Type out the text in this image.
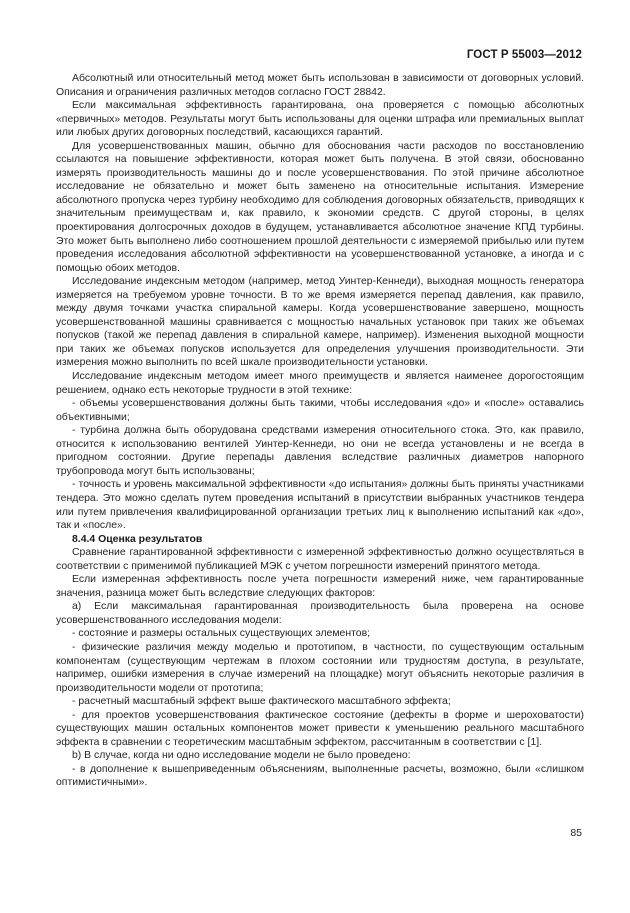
ГОСТ Р 55003—2012

Абсолютный или относительный метод может быть использован в зависимости от договорных условий. Описания и ограничения различных методов согласно ГОСТ 28842.

Если максимальная эффективность гарантирована, она проверяется с помощью абсолютных «первичных» методов. Результаты могут быть использованы для оценки штрафа или премиальных выплат или любых других договорных последствий, касающихся гарантий.

Для усовершенствованных машин, обычно для обоснования части расходов по восстановлению ссылаются на повышение эффективности, которая может быть получена. В этой связи, обоснованно измерять производительность машины до и после усовершенствования. По этой причине абсолютное исследование не обязательно и может быть заменено на относительные испытания. Измерение абсолютного пропуска через турбину необходимо для соблюдения договорных обязательств, приводящих к значительным преимуществам и, как правило, к экономии средств. С другой стороны, в целях проектирования долгосрочных доходов в будущем, устанавливается абсолютное значение КПД турбины. Это может быть выполнено либо соотношением прошлой деятельности с измеряемой прибылью или путем проведения исследования абсолютной эффективности на усовершенствованной установке, а иногда и с помощью обоих методов.

Исследование индексным методом (например, метод Уинтер-Кеннеди), выходная мощность генератора измеряется на требуемом уровне точности. В то же время измеряется перепад давления, как правило, между двумя точками участка спиральной камеры. Когда усовершенствование завершено, мощность усовершенствованной машины сравнивается с мощностью начальных установок при таких же объемах попусков (такой же перепад давления в спиральной камере, например). Изменения выходной мощности при таких же объемах попусков используется для определения улучшения производительности. Эти измерения можно выполнить по всей шкале производительности установки.

Исследование индексным методом имеет много преимуществ и является наименее дорогостоящим решением, однако есть некоторые трудности в этой технике:

- объемы усовершенствования должны быть такими, чтобы исследования «до» и «после» оставались объективными;

- турбина должна быть оборудована средствами измерения относительного стока. Это, как правило, относится к использованию вентилей Уинтер-Кеннеди, но они не всегда установлены и не всегда в пригодном состоянии. Другие перепады давления вследствие различных диаметров напорного трубопровода могут быть использованы;

- точность и уровень максимальной эффективности «до испытания» должны быть приняты участниками тендера. Это можно сделать путем проведения испытаний в присутствии выбранных участников тендера или путем привлечения квалифицированной организации третьих лиц к выполнению испытаний как «до», так и «после».

8.4.4 Оценка результатов

Сравнение гарантированной эффективности с измеренной эффективностью должно осуществляться в соответствии с применимой публикацией МЭК с учетом погрешности измерений принятого метода.

Если измеренная эффективность после учета погрешности измерений ниже, чем гарантированные значения, разница может быть вследствие следующих факторов:

а) Если максимальная гарантированная производительность была проверена на основе усовершенствованного исследования модели:

- состояние и размеры остальных существующих элементов;

- физические различия между моделью и прототипом, в частности, по существующим остальным компонентам (существующим чертежам в плохом состоянии или трудностям доступа, в результате, например, ошибки измерения в случае измерений на площадке) могут объяснить некоторые различия в производительности модели от прототипа;

- расчетный масштабный эффект выше фактического масштабного эффекта;

- для проектов усовершенствования фактическое состояние (дефекты в форме и шероховатости) существующих машин остальных компонентов может привести к уменьшению реального масштабного эффекта в сравнении с теоретическим масштабным эффектом, рассчитанным в соответствии с [1].

b) В случае, когда ни одно исследование модели не было проведено:

- в дополнение к вышеприведенным объяснениям, выполненные расчеты, возможно, были «слишком оптимистичными».

85
